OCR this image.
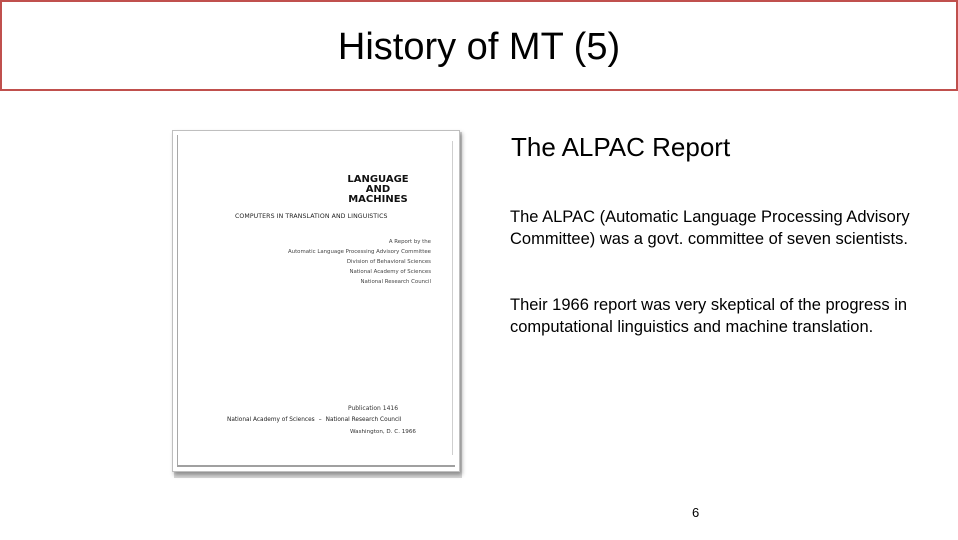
History of MT (5)
LANGUAGE
AND
MACHINES
COMPUTERS IN TRANSLATION AND LINGUISTICS
A Report by the
Automatic Language Processing Advisory Committee
Division of Behavioral Sciences
National Academy of Sciences
National Research Council
Publication 1416
National Academy of Sciences – National Research Council
Washington, D. C. 1966
The ALPAC Report
The ALPAC (Automatic Language Processing Advisory Committee) was a govt. committee of seven scientists.
Their 1966 report was very skeptical of the progress in computational linguistics and machine translation.
6
